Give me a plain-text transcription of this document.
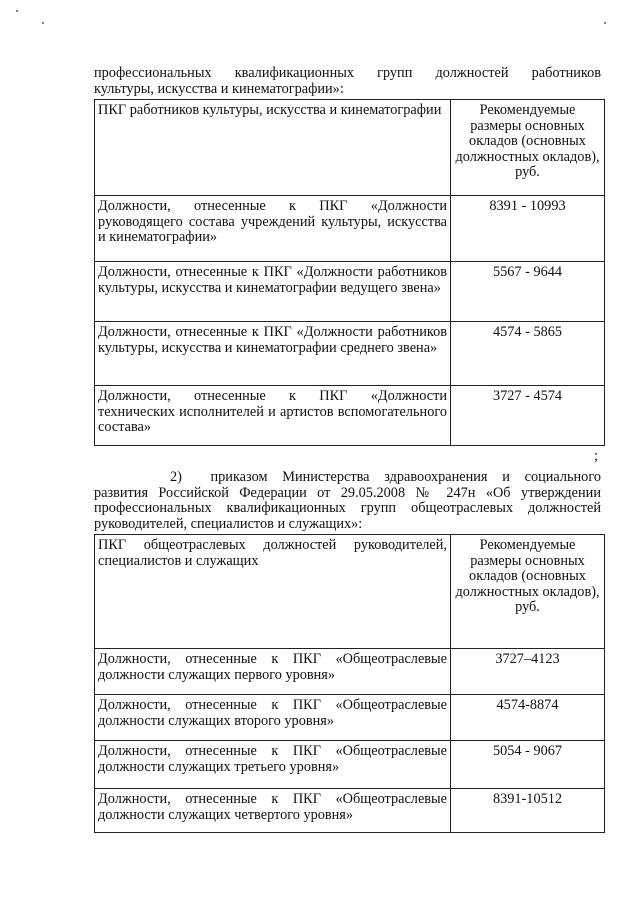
профессиональных квалификационных групп должностей работников
культуры, искусства и кинематографии»:
ПКГ работников культуры, искусства и кинематографии	Рекомендуемые размеры основных окладов (основных должностных окладов), руб.
Должности, отнесенные к ПКГ «Должности руководящего состава учреждений культуры, искусства и кинематографии»	8391 - 10993
Должности, отнесенные к ПКГ «Должности работников культуры, искусства и кинематографии ведущего звена»	5567 - 9644
Должности, отнесенные к ПКГ «Должности работников культуры, искусства и кинематографии среднего звена»	4574 - 5865
Должности, отнесенные к ПКГ «Должности технических исполнителей и артистов вспомогательного состава»	3727 - 4574
;

2)  приказом Министерства здравоохранения и социального развития Российской Федерации от 29.05.2008 № 247н «Об утверждении профессиональных квалификационных групп общеотраслевых должностей руководителей, специалистов и служащих»:

ПКГ общеотраслевых должностей руководителей, специалистов и служащих	Рекомендуемые размеры основных окладов (основных должностных окладов), руб.
Должности, отнесенные к ПКГ «Общеотраслевые должности служащих первого уровня»	3727–4123
Должности, отнесенные к ПКГ «Общеотраслевые должности служащих второго уровня»	4574-8874
Должности, отнесенные к ПКГ «Общеотраслевые должности служащих третьего уровня»	5054 - 9067
Должности, отнесенные к ПКГ «Общеотраслевые должности служащих четвертого уровня»	8391-10512
